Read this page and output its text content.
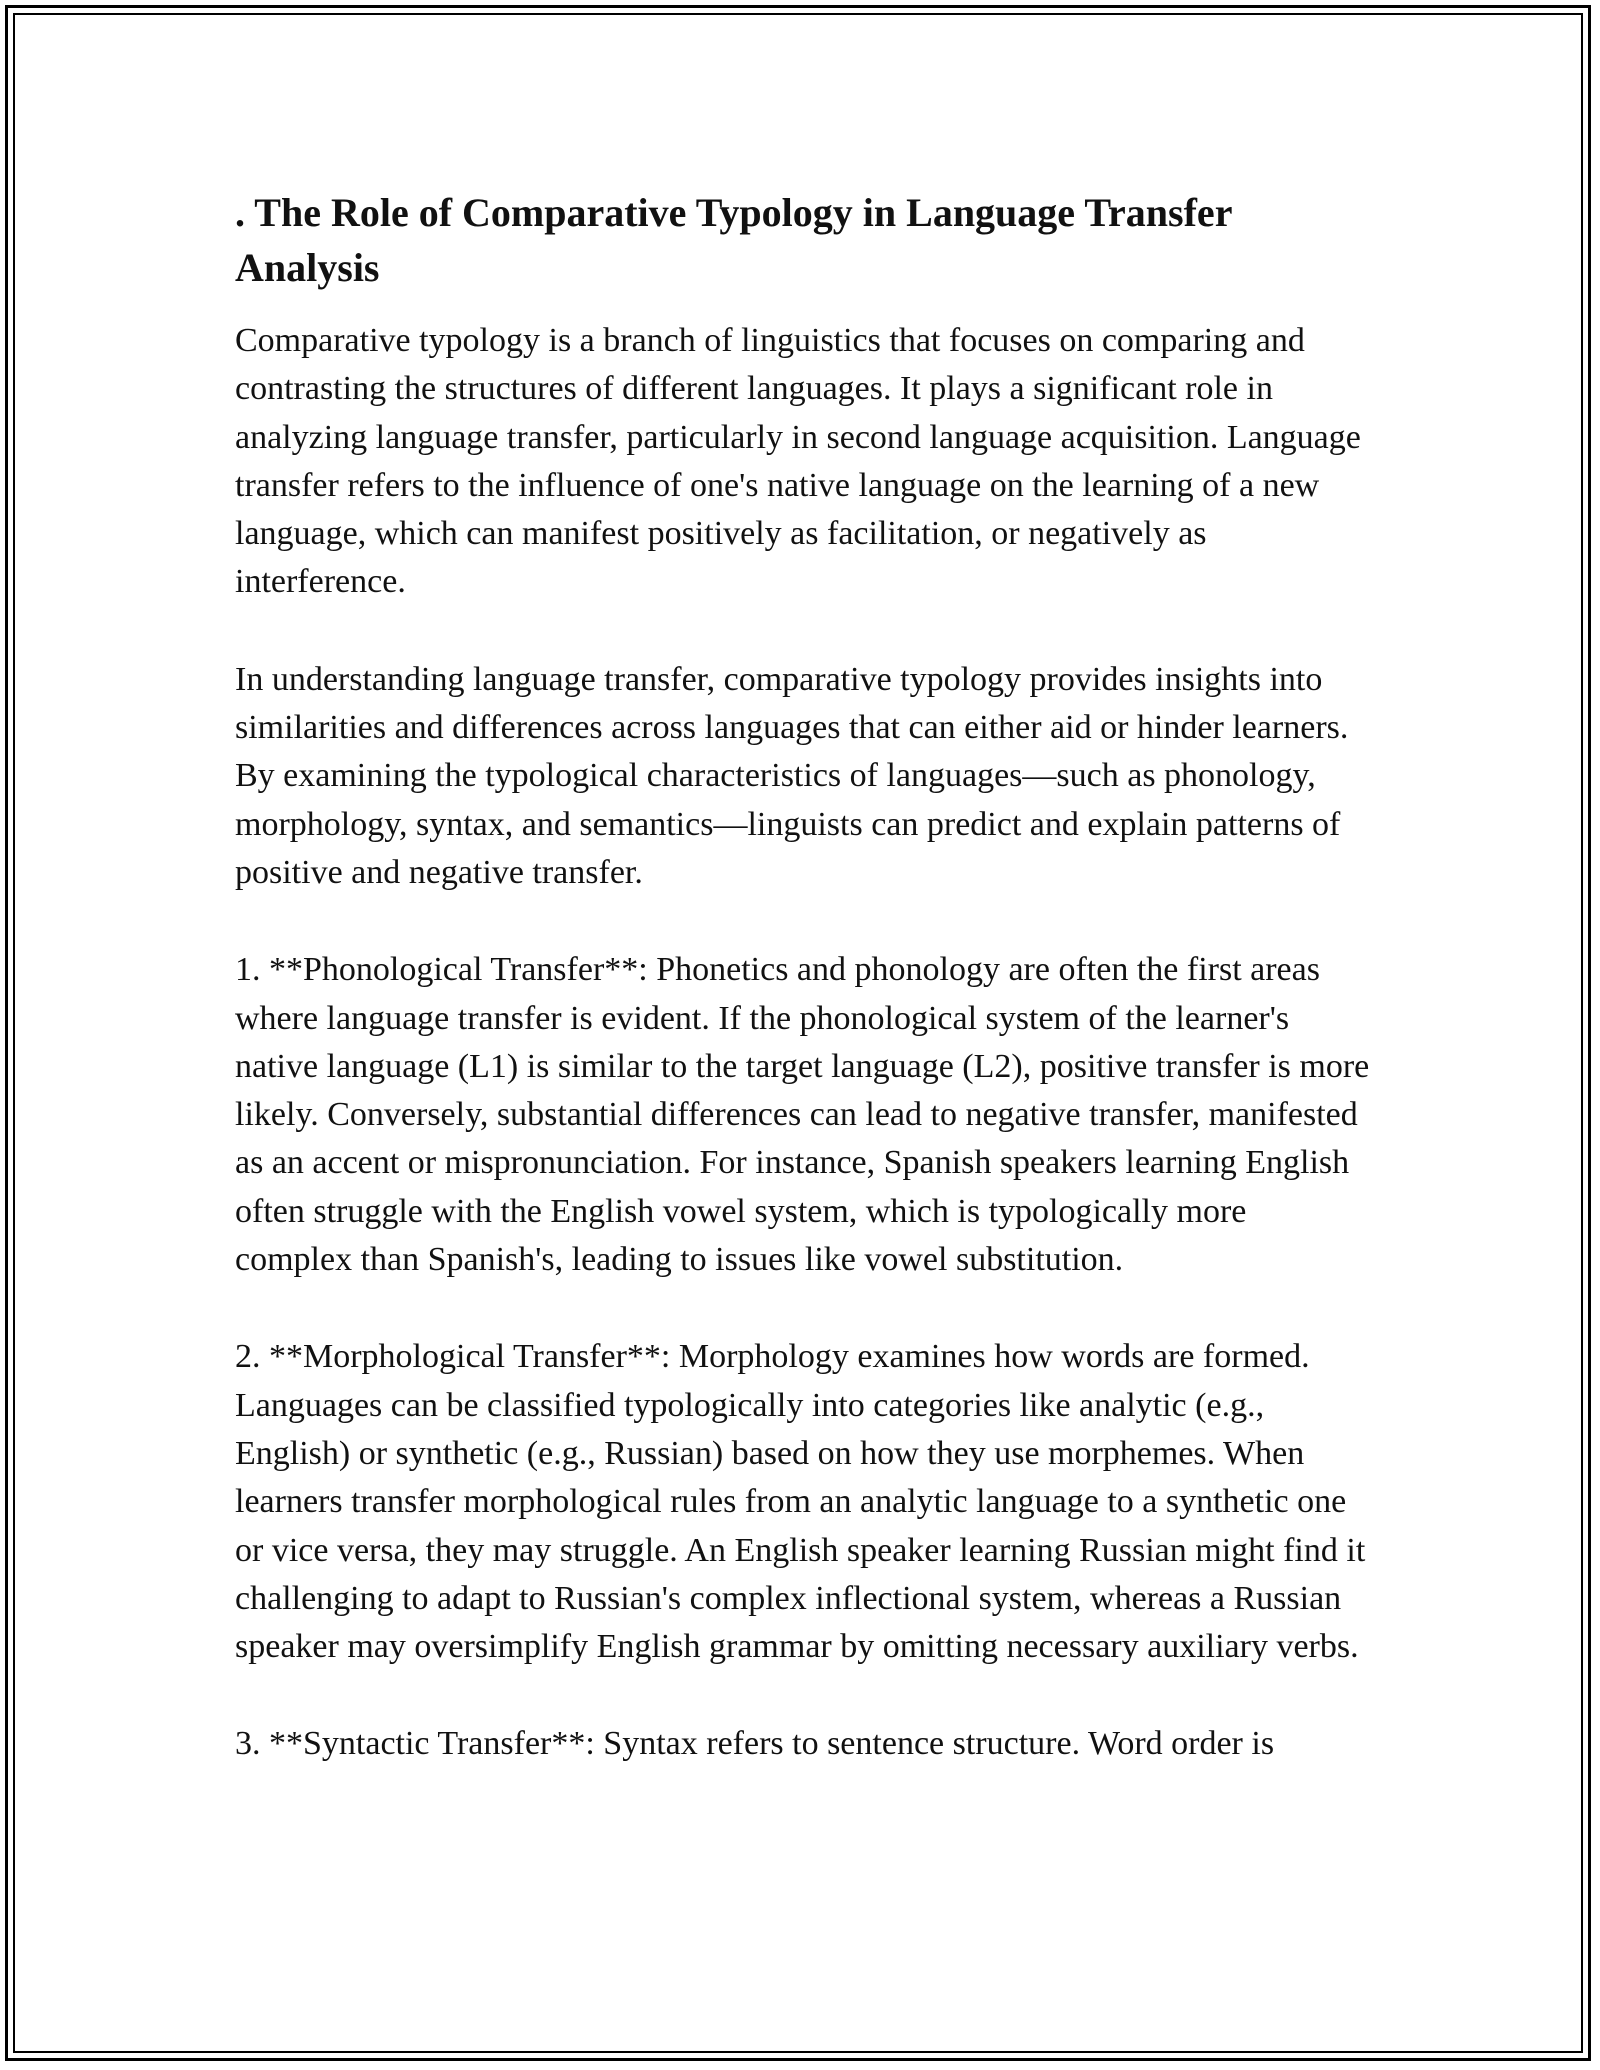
. The Role of Comparative Typology in Language Transfer Analysis

Comparative typology is a branch of linguistics that focuses on comparing and contrasting the structures of different languages. It plays a significant role in analyzing language transfer, particularly in second language acquisition. Language transfer refers to the influence of one's native language on the learning of a new language, which can manifest positively as facilitation, or negatively as interference.

In understanding language transfer, comparative typology provides insights into similarities and differences across languages that can either aid or hinder learners. By examining the typological characteristics of languages—such as phonology, morphology, syntax, and semantics—linguists can predict and explain patterns of positive and negative transfer.

1. **Phonological Transfer**: Phonetics and phonology are often the first areas where language transfer is evident. If the phonological system of the learner's native language (L1) is similar to the target language (L2), positive transfer is more likely. Conversely, substantial differences can lead to negative transfer, manifested as an accent or mispronunciation. For instance, Spanish speakers learning English often struggle with the English vowel system, which is typologically more complex than Spanish's, leading to issues like vowel substitution.

2. **Morphological Transfer**: Morphology examines how words are formed. Languages can be classified typologically into categories like analytic (e.g., English) or synthetic (e.g., Russian) based on how they use morphemes. When learners transfer morphological rules from an analytic language to a synthetic one or vice versa, they may struggle. An English speaker learning Russian might find it challenging to adapt to Russian's complex inflectional system, whereas a Russian speaker may oversimplify English grammar by omitting necessary auxiliary verbs.

3. **Syntactic Transfer**: Syntax refers to sentence structure. Word order is
